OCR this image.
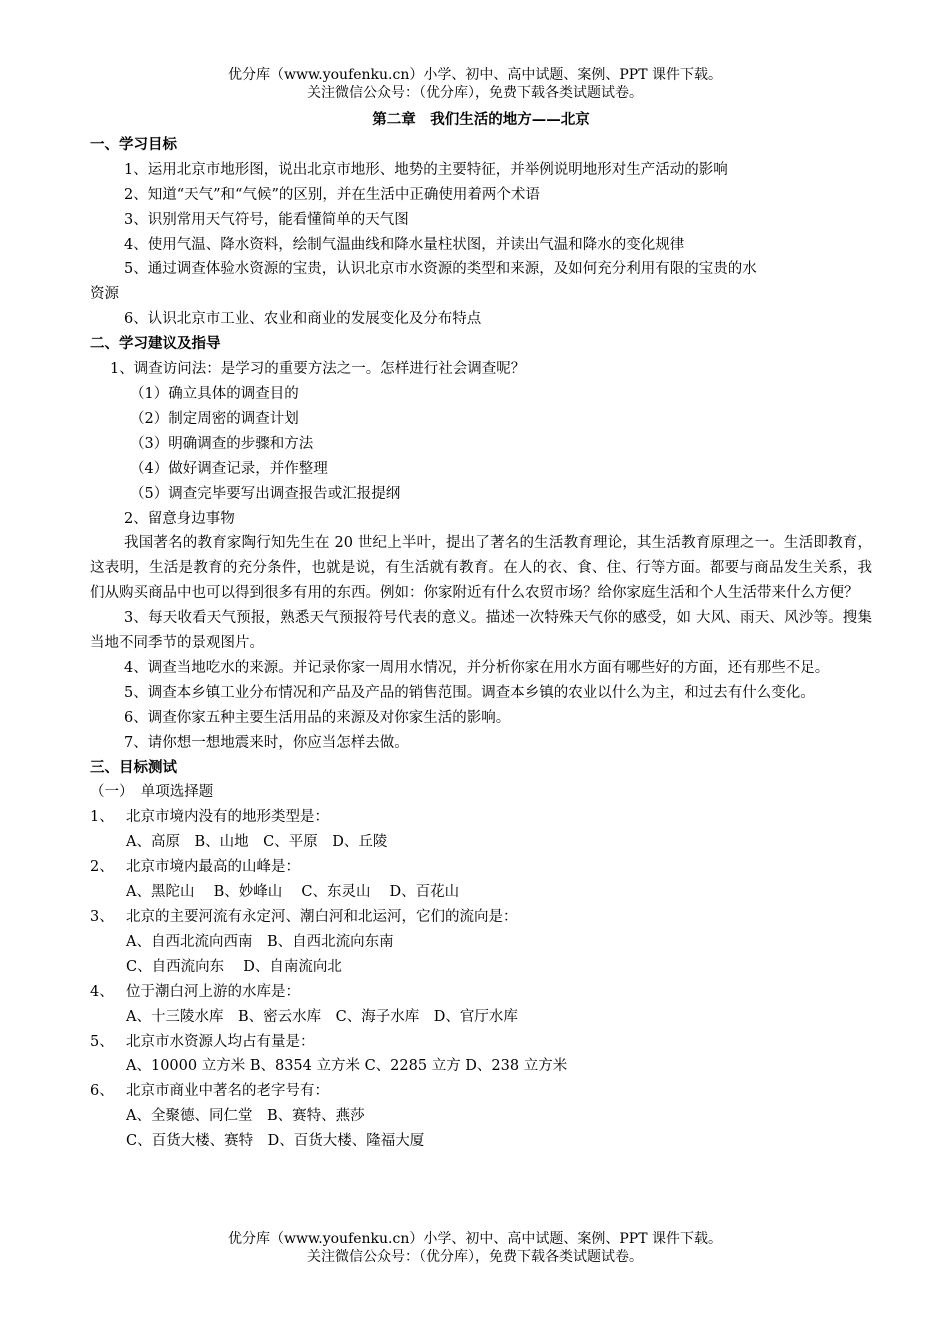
优分库（www.youfenku.cn）小学、初中、高中试题、案例、PPT 课件下载。
关注微信公众号：（优分库），免费下载各类试题试卷。
第二章　我们生活的地方——北京
一、学习目标
1、运用北京市地形图，说出北京市地形、地势的主要特征，并举例说明地形对生产活动的影响
2、知道“天气”和“气候”的区别，并在生活中正确使用着两个术语
3、识别常用天气符号，能看懂简单的天气图
4、使用气温、降水资料，绘制气温曲线和降水量柱状图，并读出气温和降水的变化规律
5、通过调查体验水资源的宝贵，认识北京市水资源的类型和来源，及如何充分利用有限的宝贵的水
资源
6、认识北京市工业、农业和商业的发展变化及分布特点
二、学习建议及指导
1、调查访问法：是学习的重要方法之一。怎样进行社会调查呢？
（1）确立具体的调查目的
（2）制定周密的调查计划
（3）明确调查的步骤和方法
（4）做好调查记录，并作整理
（5）调查完毕要写出调查报告或汇报提纲
2、留意身边事物
我国著名的教育家陶行知先生在 20 世纪上半叶，提出了著名的生活教育理论，其生活教育原理之一。生活即教育，这表明，生活是教育的充分条件，也就是说，有生活就有教育。在人的衣、食、住、行等方面。都要与商品发生关系，我们从购买商品中也可以得到很多有用的东西。例如：你家附近有什么农贸市场？给你家庭生活和个人生活带来什么方便？
3、每天收看天气预报，熟悉天气预报符号代表的意义。描述一次特殊天气你的感受，如 大风、雨天、风沙等。搜集当地不同季节的景观图片。
4、调查当地吃水的来源。并记录你家一周用水情况，并分析你家在用水方面有哪些好的方面，还有那些不足。
5、调查本乡镇工业分布情况和产品及产品的销售范围。调查本乡镇的农业以什么为主，和过去有什么变化。
6、调查你家五种主要生活用品的来源及对你家生活的影响。
7、请你想一想地震来时，你应当怎样去做。
三、目标测试
（一）　单项选择题
1、 北京市境内没有的地形类型是：
A、高原　B、山地　C、平原　D、丘陵
2、 北京市境内最高的山峰是：
A、黑陀山　 B、妙峰山　 C、东灵山　 D、百花山
3、 北京的主要河流有永定河、潮白河和北运河，它们的流向是：
A、自西北流向西南　B、自西北流向东南
C、自西流向东　 D、自南流向北
4、 位于潮白河上游的水库是：
A、十三陵水库　B、密云水库　C、海子水库　D、官厅水库
5、 北京市水资源人均占有量是：
A、10000 立方米 B、8354 立方米 C、2285 立方 D、238 立方米
6、 北京市商业中著名的老字号有：
A、全聚德、同仁堂　B、赛特、燕莎
C、百货大楼、赛特　D、百货大楼、隆福大厦
优分库（www.youfenku.cn）小学、初中、高中试题、案例、PPT 课件下载。
关注微信公众号：（优分库），免费下载各类试题试卷。
